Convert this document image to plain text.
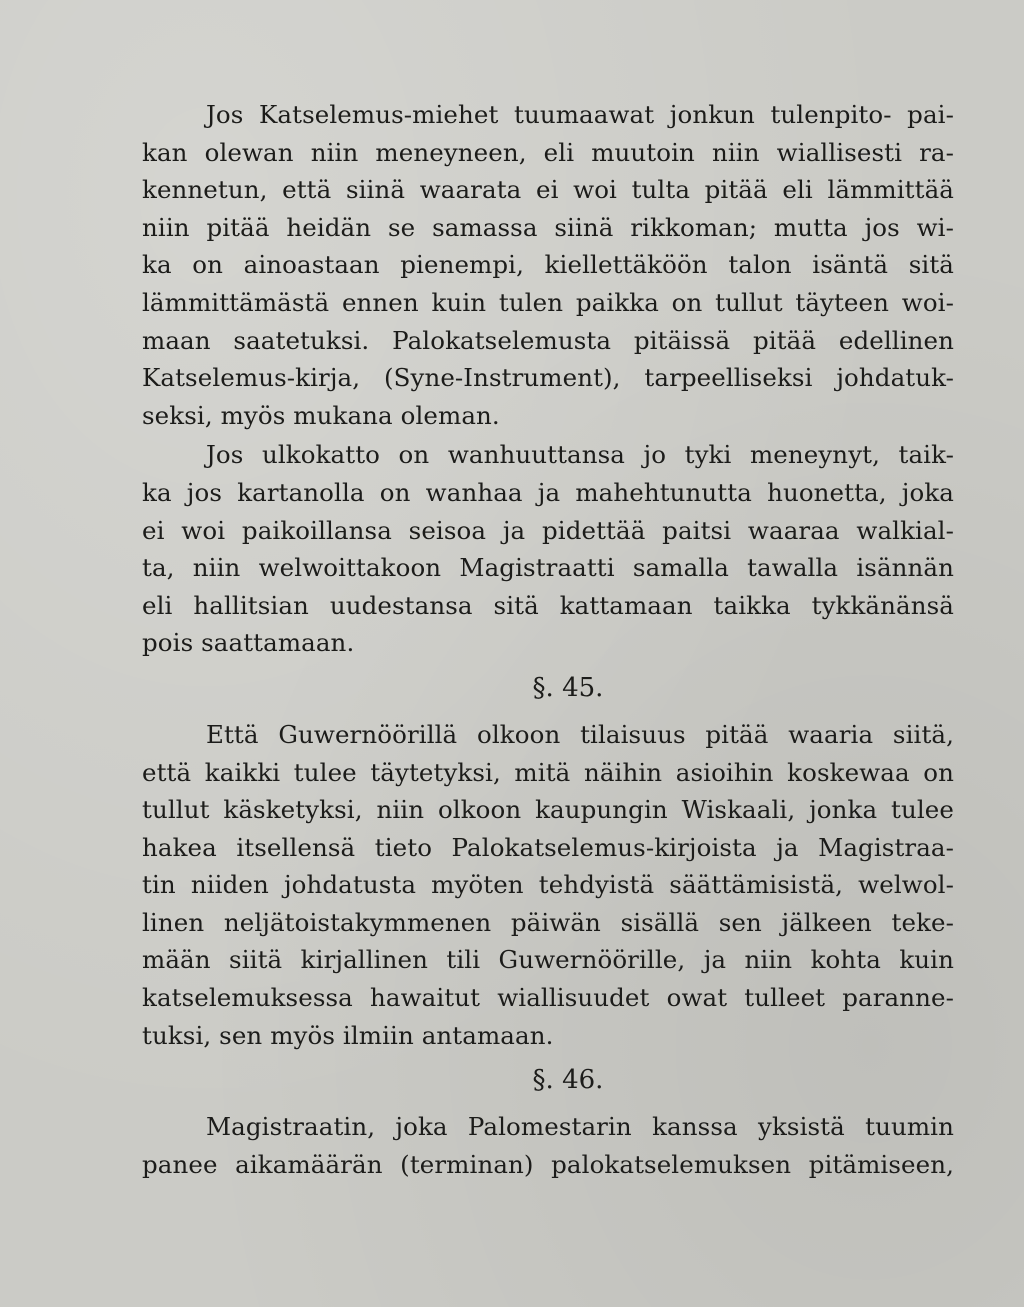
Jos Katselemus-miehet tuumaawat jonkun tulenpito- pai-
kan olewan niin meneyneen, eli muutoin niin wiallisesti ra-
kennetun, että siinä waarata ei woi tulta pitää eli lämmittää
niin pitää heidän se samassa siinä rikkoman; mutta jos wi-
ka on ainoastaan pienempi, kiellettäköön talon isäntä sitä
lämmittämästä ennen kuin tulen paikka on tullut täyteen woi-
maan saatetuksi. Palokatselemusta pitäissä pitää edellinen
Katselemus-kirja, (Syne-Instrument), tarpeelliseksi johdatuk-
seksi, myös mukana oleman.
Jos ulkokatto on wanhuuttansa jo tyki meneynyt, taik-
ka jos kartanolla on wanhaa ja mahehtunutta huonetta, joka
ei woi paikoillansa seisoa ja pidettää paitsi waaraa walkial-
ta, niin welwoittakoon Magistraatti samalla tawalla isännän
eli hallitsian uudestansa sitä kattamaan taikka tykkänänsä
pois saattamaan.
§. 45.
Että Guwernöörillä olkoon tilaisuus pitää waaria siitä,
että kaikki tulee täytetyksi, mitä näihin asioihin koskewaa on
tullut käsketyksi, niin olkoon kaupungin Wiskaali, jonka tulee
hakea itsellensä tieto Palokatselemus-kirjoista ja Magistraa-
tin niiden johdatusta myöten tehdyistä säättämisistä, welwol-
linen neljätoistakymmenen päiwän sisällä sen jälkeen teke-
mään siitä kirjallinen tili Guwernöörille, ja niin kohta kuin
katselemuksessa hawaitut wiallisuudet owat tulleet paranne-
tuksi, sen myös ilmiin antamaan.
§. 46.
Magistraatin, joka Palomestarin kanssa yksistä tuumin
panee aikamäärän (terminan) palokatselemuksen pitämiseen,
